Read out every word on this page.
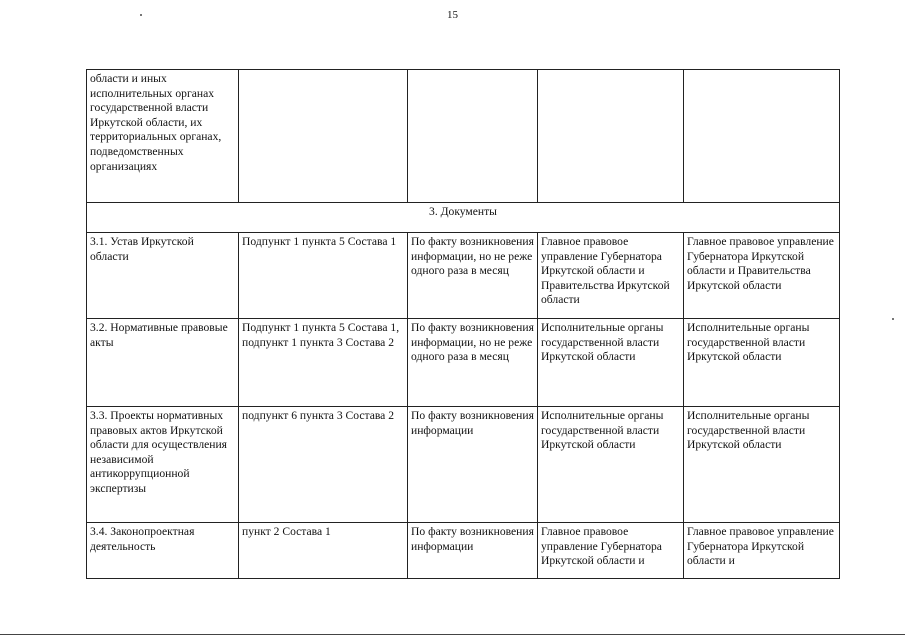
15
области и иных исполнительных органах государственной власти Иркутской области, их территориальных органах, подведомственных организациях				
3. Документы				
3.1. Устав Иркутской области	Подпункт 1 пункта 5 Состава 1	По факту возникновения информации, но не реже одного раза в месяц	Главное правовое управление Губернатора Иркутской области и Правительства Иркутской области	Главное правовое управление Губернатора Иркутской области и Правительства Иркутской области
3.2. Нормативные правовые акты	Подпункт 1 пункта 5 Состава 1, подпункт 1 пункта 3 Состава 2	По факту возникновения информации, но не реже одного раза в месяц	Исполнительные органы государственной власти Иркутской области	Исполнительные органы государственной власти Иркутской области
3.3. Проекты нормативных правовых актов Иркутской области для осуществления независимой антикоррупционной экспертизы	подпункт 6 пункта 3 Состава 2	По факту возникновения информации	Исполнительные органы государственной власти Иркутской области	Исполнительные органы государственной власти Иркутской области
3.4. Законопроектная деятельность	пункт 2 Состава 1	По факту возникновения информации	Главное правовое управление Губернатора Иркутской области и	Главное правовое управление Губернатора Иркутской области и
